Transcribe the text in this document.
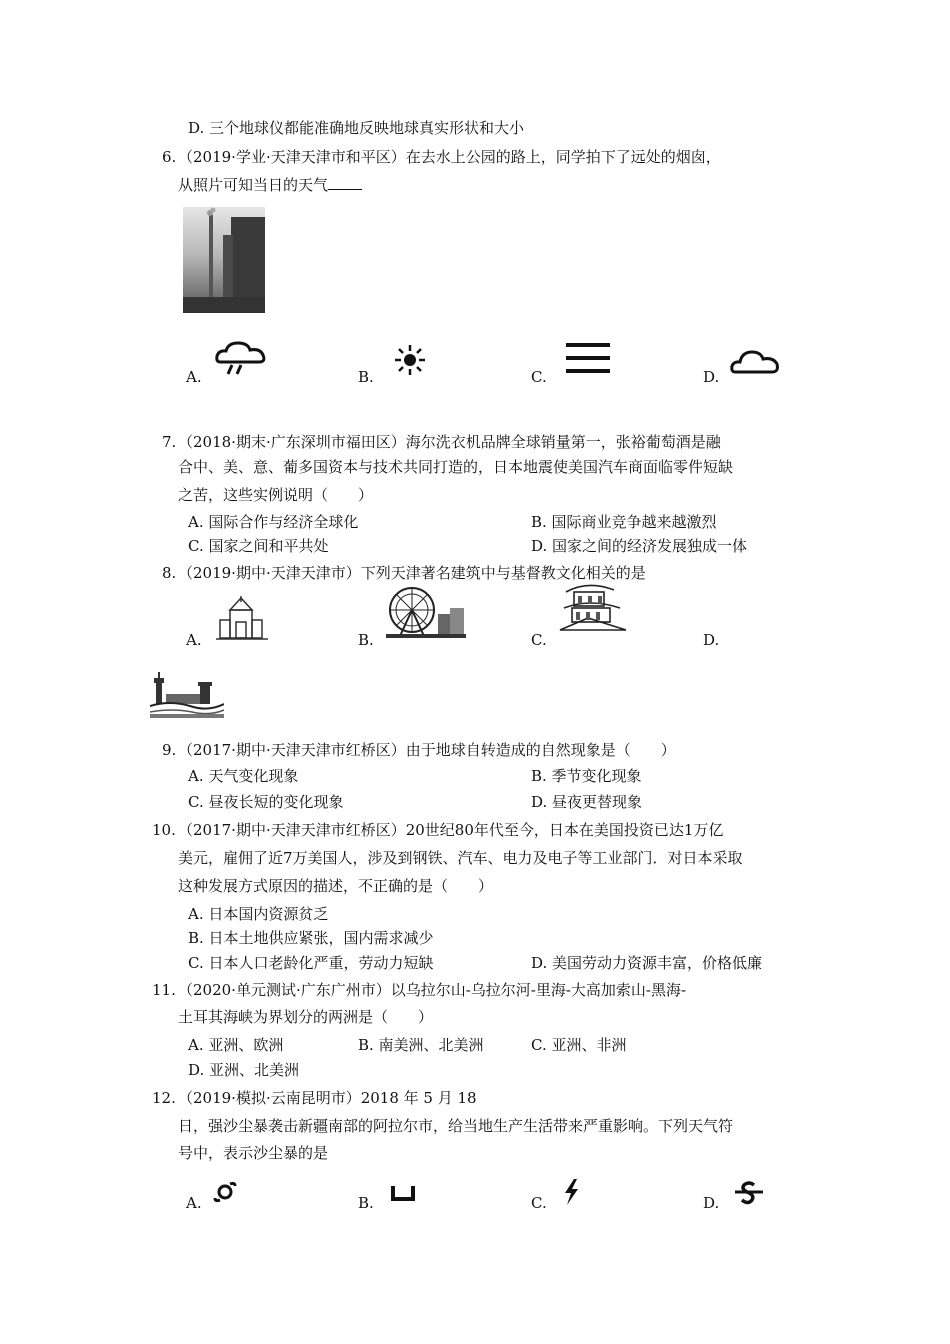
D. 三个地球仪都能准确地反映地球真实形状和大小
6. （2019·学业·天津天津市和平区）在去水上公园的路上，同学拍下了远处的烟囱，
从照片可知当日的天气
A.	B.	C.	D.
7. （2018·期末·广东深圳市福田区）海尔洗衣机品牌全球销量第一，张裕葡萄酒是融
合中、美、意、葡多国资本与技术共同打造的，日本地震使美国汽车商面临零件短缺
之苦，这些实例说明（　　）
A. 国际合作与经济全球化	B. 国际商业竞争越来越激烈
C. 国家之间和平共处	D. 国家之间的经济发展独成一体
8. （2019·期中·天津天津市）下列天津著名建筑中与基督教文化相关的是
A.	B.	C.	D.
9. （2017·期中·天津天津市红桥区）由于地球自转造成的自然现象是（　　）
A. 天气变化现象	B. 季节变化现象
C. 昼夜长短的变化现象	D. 昼夜更替现象
10. （2017·期中·天津天津市红桥区）20世纪80年代至今，日本在美国投资已达1万亿
美元，雇佣了近7万美国人，涉及到钢铁、汽车、电力及电子等工业部门．对日本采取
这种发展方式原因的描述，不正确的是（　　）
A. 日本国内资源贫乏
B. 日本土地供应紧张，国内需求减少
C. 日本人口老龄化严重，劳动力短缺	D. 美国劳动力资源丰富，价格低廉
11. （2020·单元测试·广东广州市）以乌拉尔山-乌拉尔河-里海-大高加索山-黑海-
土耳其海峡为界划分的两洲是（　　）
A. 亚洲、欧洲	B. 南美洲、北美洲	C. 亚洲、非洲
D. 亚洲、北美洲
12. （2019·模拟·云南昆明市）2018 年 5 月 18
日，强沙尘暴袭击新疆南部的阿拉尔市，给当地生产生活带来严重影响。下列天气符
号中，表示沙尘暴的是
A.	B.	C.	D.
